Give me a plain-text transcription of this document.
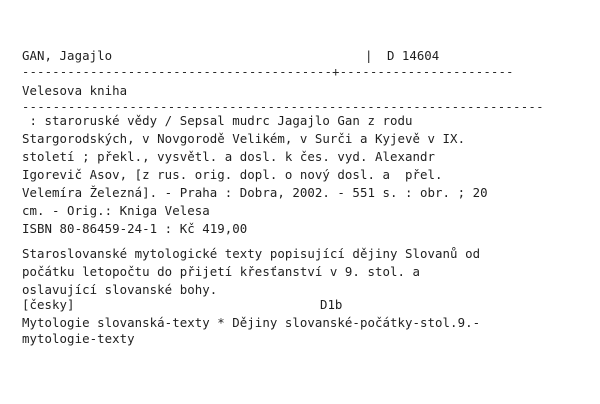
GAN, Jagajlo	| D 14604
-----------------------------------------+-----------------------
Velesova kniha
--------------------------------------------------------------------
: staroruské vědy / Sepsal mudrc Jagajlo Gan z rodu
Stargorodských, v Novgorodě Velikém, v Surči a Kyjevě v IX.
století ; překl., vysvětl. a dosl. k čes. vyd. Alexandr
Igorevič Asov, [z rus. orig. dopl. o nový dosl. a  přel.
Velemíra Železná]. - Praha : Dobra, 2002. - 551 s. : obr. ; 20
cm. - Orig.: Kniga Velesa
ISBN 80-86459-24-1 : Kč 419,00
Staroslovanské mytologické texty popisující dějiny Slovanů od
počátku letopočtu do přijetí křesťanství v 9. stol. a
oslavující slovanské bohy.
[česky]	D1b
Mytologie slovanská-texty * Dějiny slovanské-počátky-stol.9.-
mytologie-texty
